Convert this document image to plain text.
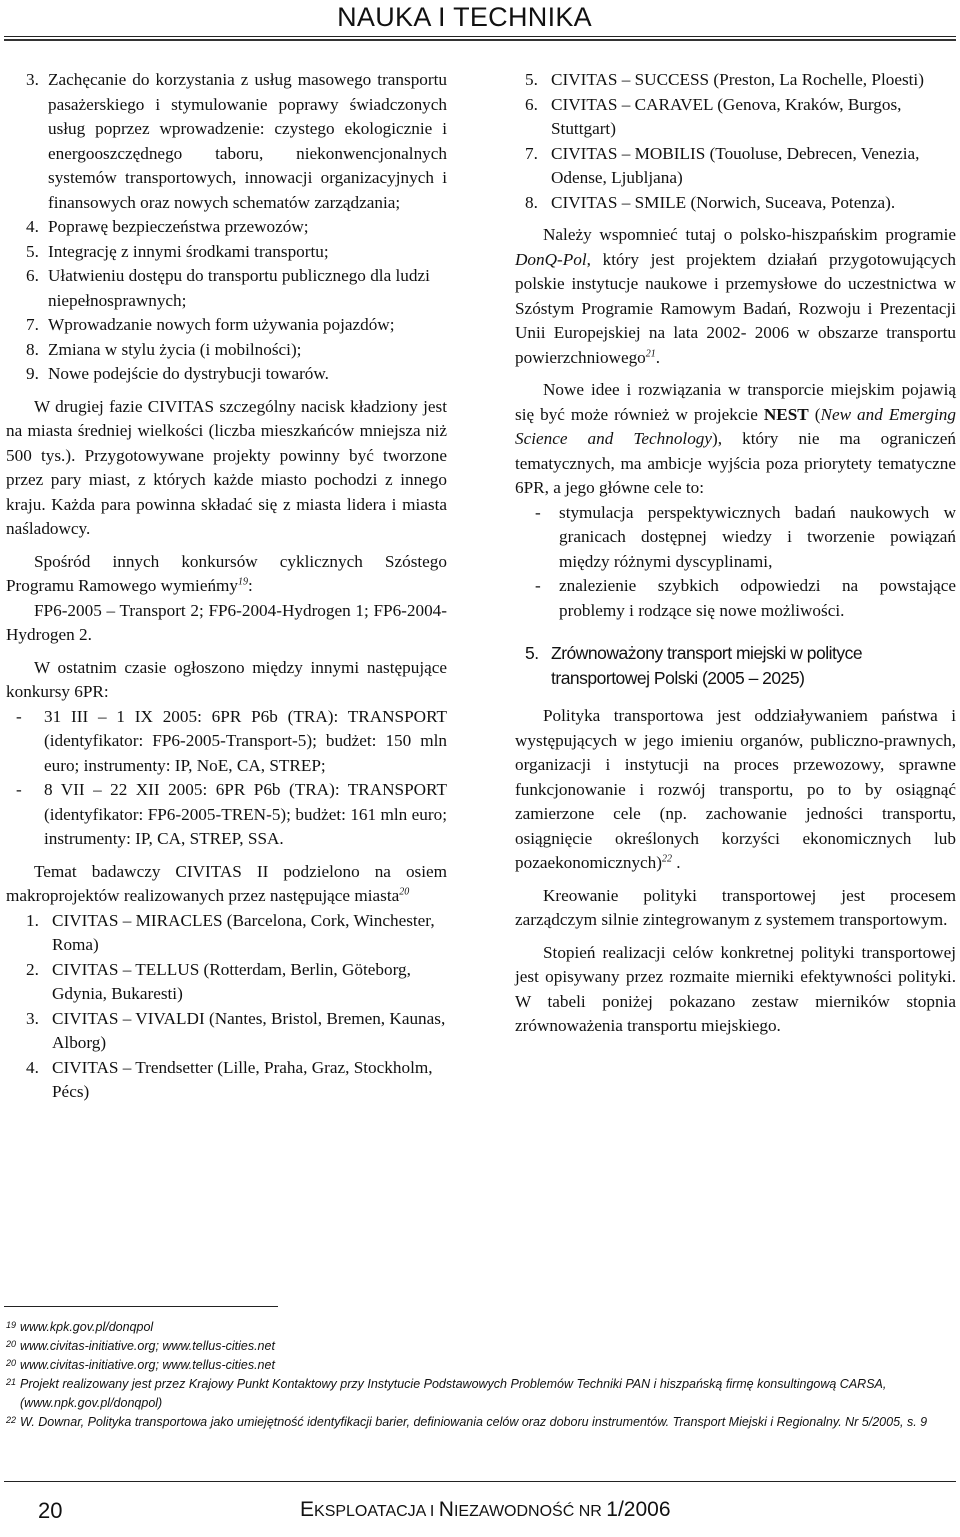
NAUKA I TECHNIKA
3. Zachęcanie do korzystania z usług masowego transportu pasażerskiego i stymulowanie poprawy świadczonych usług poprzez wprowadzenie: czystego ekologicznie i energooszczędnego taboru, niekonwencjonalnych systemów transportowych, innowacji organizacyjnych i finansowych oraz nowych schematów zarządzania;
4. Poprawę bezpieczeństwa przewozów;
5. Integrację z innymi środkami transportu;
6. Ułatwieniu dostępu do transportu publicznego dla ludzi niepełnosprawnych;
7. Wprowadzanie nowych form używania pojazdów;
8. Zmiana w stylu życia (i mobilności);
9. Nowe podejście do dystrybucji towarów.

W drugiej fazie CIVITAS szczególny nacisk kładziony jest na miasta średniej wielkości (liczba mieszkańców mniejsza niż 500 tys.). Przygotowywane projekty powinny być tworzone przez pary miast, z których każde miasto pochodzi z innego kraju. Każda para powinna składać się z miasta lidera i miasta naśladowcy.

Spośród innych konkursów cyklicznych Szóstego Programu Ramowego wymieńmy$^{19}$:

FP6-2005 – Transport 2; FP6-2004-Hydrogen 1; FP6-2004-Hydrogen 2.

W ostatnim czasie ogłoszono między innymi następujące konkursy 6PR:

-	31 III – 1 IX 2005: 6PR P6b (TRA): TRANSPORT (identyfikator: FP6-2005-Transport-5); budżet: 150 mln euro; instrumenty: IP, NoE, CA, STREP;
-	8 VII – 22 XII 2005: 6PR P6b (TRA): TRANSPORT (identyfikator: FP6-2005-TREN-5); budżet: 161 mln euro; instrumenty: IP, CA, STREP, SSA.

Temat badawczy CIVITAS II podzielono na osiem makroprojektów realizowanych przez następujące miasta$^{20}$

1. CIVITAS – MIRACLES (Barcelona, Cork, Winchester, Roma)
2. CIVITAS – TELLUS (Rotterdam, Berlin, Göteborg, Gdynia, Bukaresti)
3. CIVITAS – VIVALDI (Nantes, Bristol, Bremen, Kaunas, Alborg)
4. CIVITAS – Trendsetter (Lille, Praha, Graz, Stockholm, Pécs)
5. CIVITAS – SUCCESS (Preston, La Rochelle, Ploesti)
6. CIVITAS – CARAVEL (Genova, Kraków, Burgos, Stuttgart)
7. CIVITAS – MOBILIS (Touoluse, Debrecen, Venezia, Odense, Ljubljana)
8. CIVITAS – SMILE (Norwich, Suceava, Potenza).

Należy wspomnieć tutaj o polsko-hiszpańskim programie DonQ-Pol, który jest projektem działań przygotowujących polskie instytucje naukowe i przemysłowe do uczestnictwa w Szóstym Programie Ramowym Badań, Rozwoju i Prezentacji Unii Europejskiej na lata 2002- 2006 w obszarze transportu powierzchniowego$^{21}$.

Nowe idee i rozwiązania w transporcie miejskim pojawią się być może również w projekcie NEST (New and Emerging Science and Technology), który nie ma ograniczeń tematycznych, ma ambicje wyjścia poza priorytety tematyczne 6PR, a jego główne cele to:

-	stymulacja perspektywicznych badań naukowych w granicach dostępnej wiedzy i tworzenie powiązań między różnymi dyscyplinami,
-	znalezienie szybkich odpowiedzi na powstające problemy i rodzące się nowe możliwości.
5. Zrównoważony transport miejski w polityce transportowej Polski (2005 – 2025)

Polityka transportowa jest oddziaływaniem państwa i występujących w jego imieniu organów, publiczno-prawnych, organizacji i instytucji na proces przewozowy, sprawne funkcjonowanie i rozwój transportu, po to by osiągnąć zamierzone cele (np. zachowanie jedności transportu, osiągnięcie określonych korzyści ekonomicznych lub pozaekonomicznych)$^{22}$ .

Kreowanie polityki transportowej jest procesem zarządczym silnie zintegrowanym z systemem transportowym.

Stopień realizacji celów konkretnej polityki transportowej jest opisywany przez rozmaite mierniki efektywności polityki. W tabeli poniżej pokazano zestaw mierników stopnia zrównoważenia transportu miejskiego.

19 www.kpk.gov.pl/donqpol
20 www.civitas-initiative.org; www.tellus-cities.net
20 www.civitas-initiative.org; www.tellus-cities.net
21 Projekt realizowany jest przez Krajowy Punkt Kontaktowy przy Instytucie Podstawowych Problemów Techniki PAN i hiszpańską firmę konsultingową CARSA, (www.npk.gov.pl/donqpol)
22 W. Downar, Polityka transportowa jako umiejętność identyfikacji barier, definiowania celów oraz doboru instrumentów. Transport Miejski i Regionalny. Nr 5/2005, s. 9
20	EKSPLOATACJA I NIEZAWODNOŚĆ NR 1/2006
